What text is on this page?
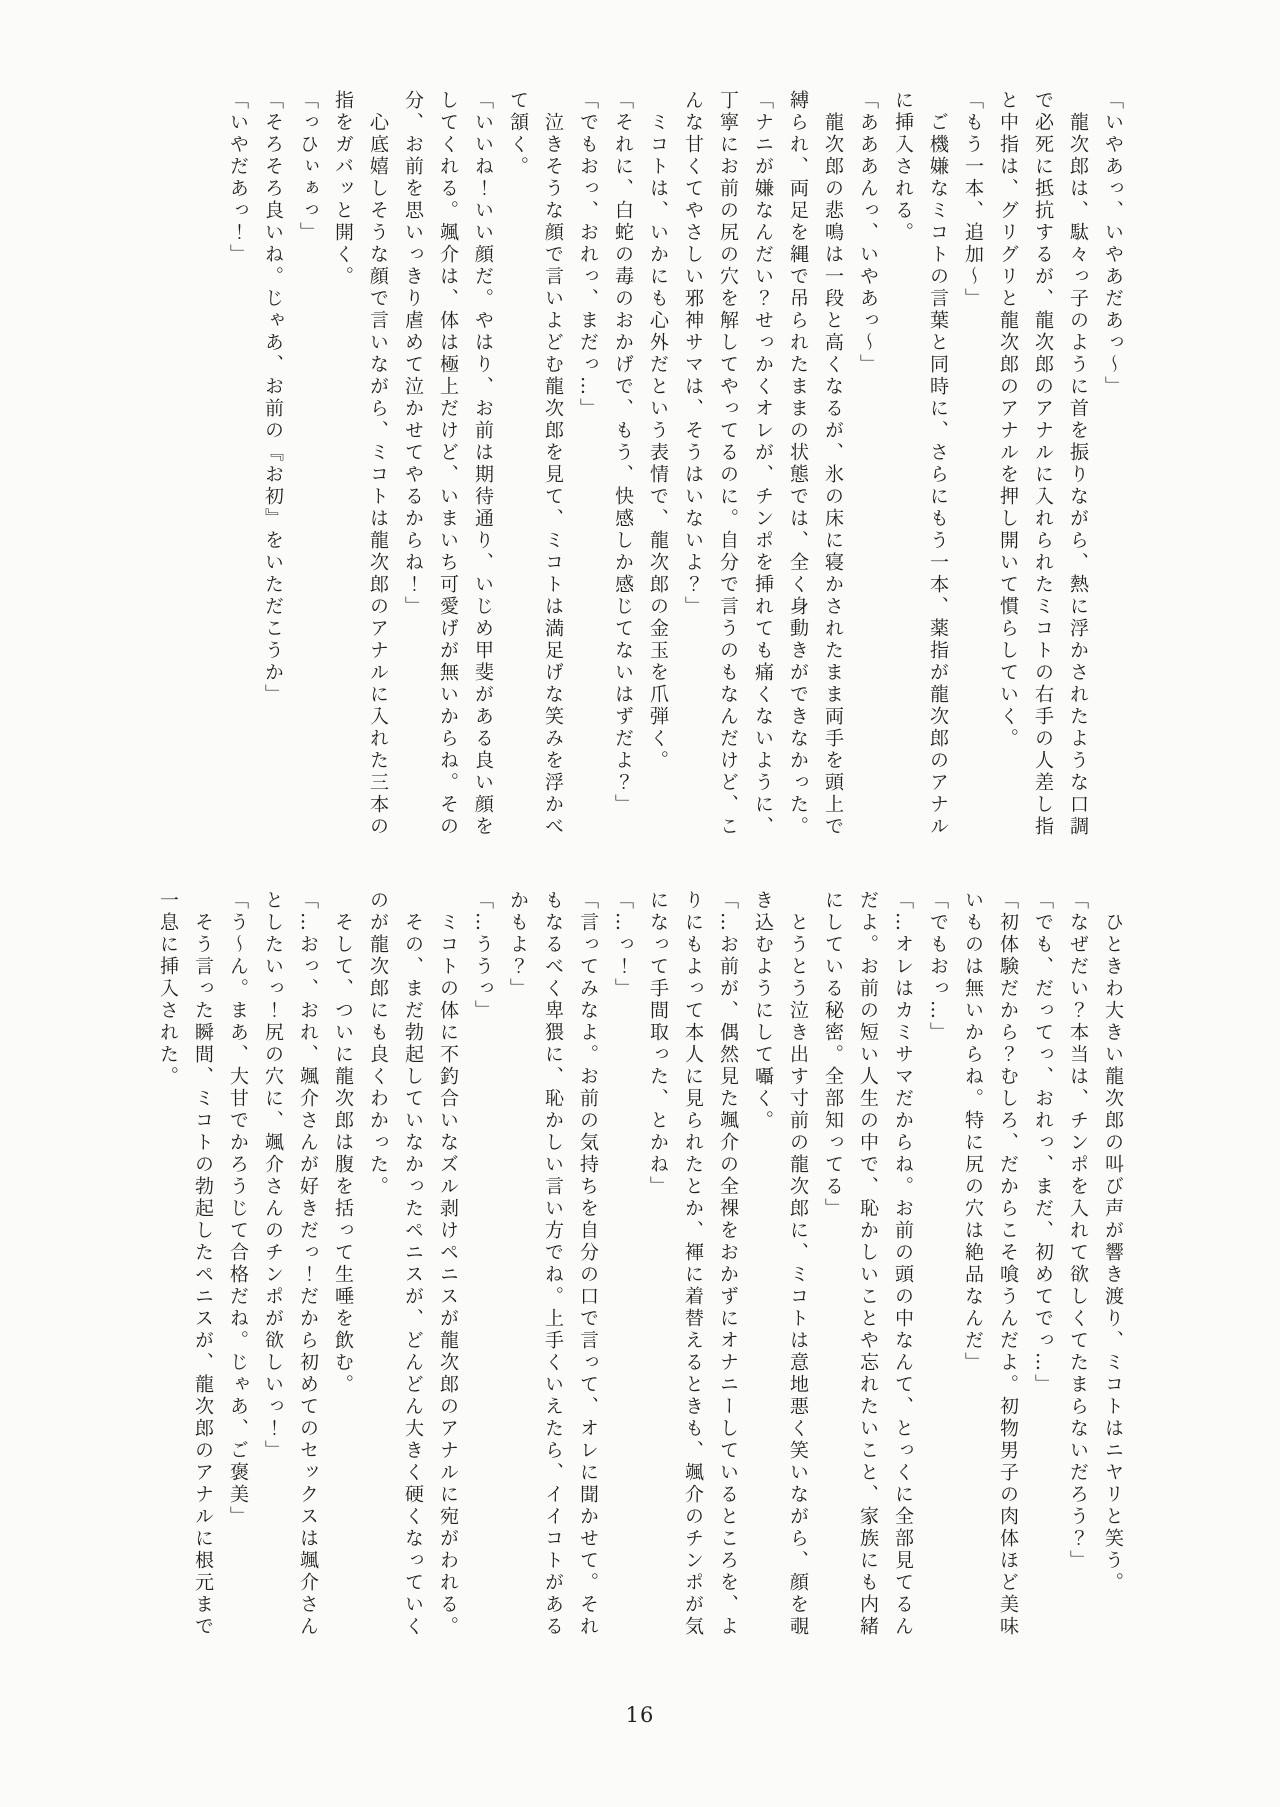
「いやあっ、いやあだあっ〜」
　龍次郎は、駄々っ子のように首を振りながら、熱に浮かされたような口調
で必死に抵抗するが、龍次郎のアナルに入れられたミコトの右手の人差し指
と中指は、グリグリと龍次郎のアナルを押し開いて慣らしていく。
「もう一本、追加〜」
　ご機嫌なミコトの言葉と同時に、さらにもう一本、薬指が龍次郎のアナル
に挿入される。
「あああんっ、いやあっ〜」
　龍次郎の悲鳴は一段と高くなるが、氷の床に寝かされたまま両手を頭上で
縛られ、両足を縄で吊られたままの状態では、全く身動きができなかった。
「ナニが嫌なんだい？せっかくオレが、チンポを挿れても痛くないように、
丁寧にお前の尻の穴を解してやってるのに。自分で言うのもなんだけど、こ
んな甘くてやさしい邪神サマは、そうはいないよ？」
　ミコトは、いかにも心外だという表情で、龍次郎の金玉を爪弾く。
「それに、白蛇の毒のおかげで、もう、快感しか感じてないはずだよ？」
「でもおっ、おれっ、まだっ…」
　泣きそうな顔で言いよどむ龍次郎を見て、ミコトは満足げな笑みを浮かべ
て頷く。
「いいね！いい顔だ。やはり、お前は期待通り、いじめ甲斐がある良い顔を
してくれる。颯介は、体は極上だけど、いまいち可愛げが無いからね。その
分、お前を思いっきり虐めて泣かせてやるからね！」
　心底嬉しそうな顔で言いながら、ミコトは龍次郎のアナルに入れた三本の
指をガバッと開く。
「っひぃぁっ」
「そろそろ良いね。じゃあ、お前の『お初』をいただこうか」
「いやだあっ！」
　ひときわ大きい龍次郎の叫び声が響き渡り、ミコトはニヤリと笑う。
「なぜだい？本当は、チンポを入れて欲しくてたまらないだろう？」
「でも、だってっ、おれっ、まだ、初めてでっ…」
「初体験だから？むしろ、だからこそ喰うんだよ。初物男子の肉体ほど美味
いものは無いからね。特に尻の穴は絶品なんだ」
「でもおっ…」
「…オレはカミサマだからね。お前の頭の中なんて、とっくに全部見てるん
だよ。お前の短い人生の中で、恥かしいことや忘れたいこと、家族にも内緒
にしている秘密。全部知ってる」
　とうとう泣き出す寸前の龍次郎に、ミコトは意地悪く笑いながら、顔を覗
き込むようにして囁く。
「…お前が、偶然見た颯介の全裸をおかずにオナニーしているところを、よ
りにもよって本人に見られたとか、褌に着替えるときも、颯介のチンポが気
になって手間取った、とかね」
「…っ！」
「言ってみなよ。お前の気持ちを自分の口で言って、オレに聞かせて。それ
もなるべく卑猥に、恥かしい言い方でね。上手くいえたら、イイコトがある
かもよ？」
「…ううっ」
　ミコトの体に不釣合いなズル剥けペニスが龍次郎のアナルに宛がわれる。
　その、まだ勃起していなかったペニスが、どんどん大きく硬くなっていく
のが龍次郎にも良くわかった。
　そして、ついに龍次郎は腹を括って生唾を飲む。
「…おっ、おれ、颯介さんが好きだっ！だから初めてのセックスは颯介さん
としたいっ！尻の穴に、颯介さんのチンポが欲しいっ！」
「う〜ん。まあ、大甘でかろうじて合格だね。じゃあ、ご褒美」
　そう言った瞬間、ミコトの勃起したペニスが、龍次郎のアナルに根元まで
一息に挿入された。
16
